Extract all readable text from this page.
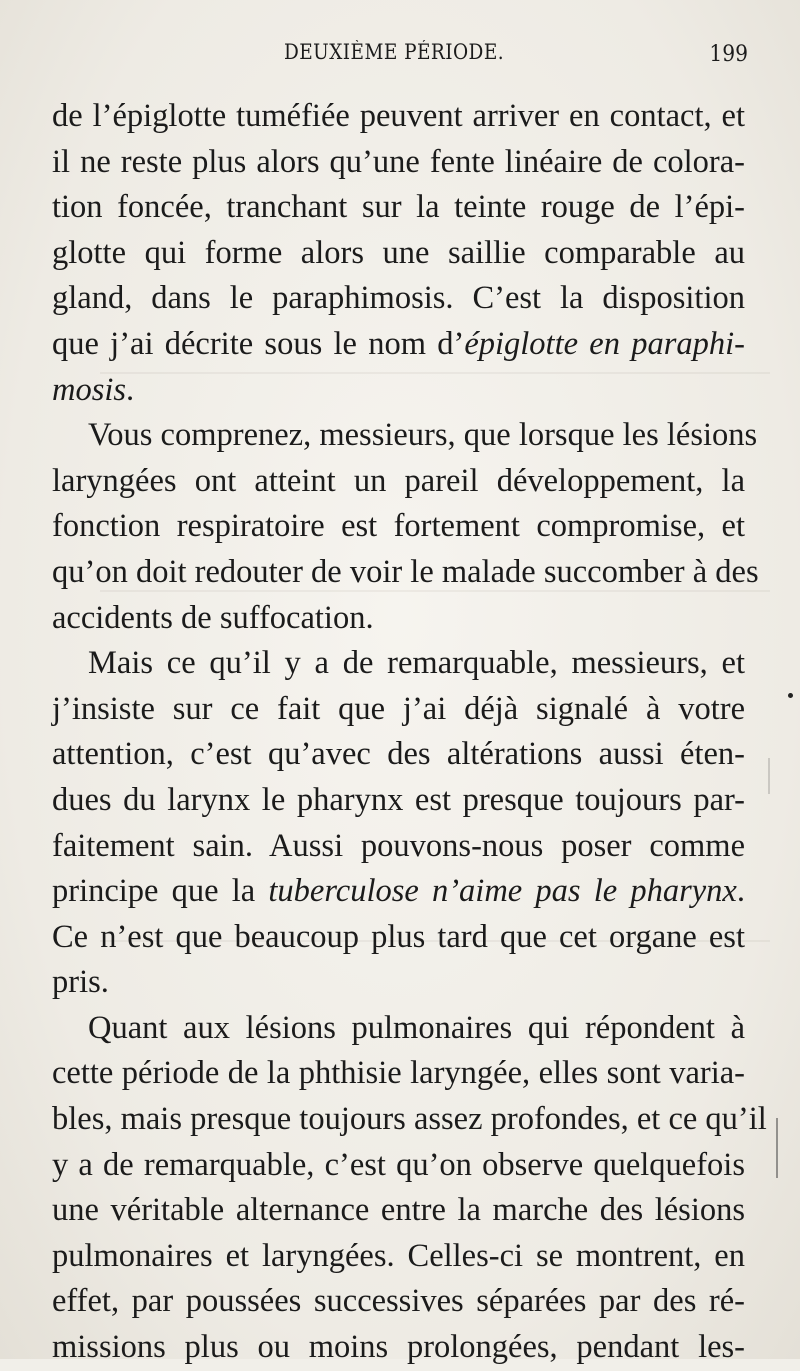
DEUXIÈME PÉRIODE.	199
de l’épiglotte tuméfiée peuvent arriver en contact, et
il ne reste plus alors qu’une fente linéaire de colora-
tion foncée, tranchant sur la teinte rouge de l’épi-
glotte qui forme alors une saillie comparable au
gland, dans le paraphimosis. C’est la disposition
que j’ai décrite sous le nom d’épiglotte en paraphi-
mosis.
Vous comprenez, messieurs, que lorsque les lésions
laryngées ont atteint un pareil développement, la
fonction respiratoire est fortement compromise, et
qu’on doit redouter de voir le malade succomber à des
accidents de suffocation.
Mais ce qu’il y a de remarquable, messieurs, et
j’insiste sur ce fait que j’ai déjà signalé à votre
attention, c’est qu’avec des altérations aussi éten-
dues du larynx le pharynx est presque toujours par-
faitement sain. Aussi pouvons-nous poser comme
principe que la tuberculose n’aime pas le pharynx.
Ce n’est que beaucoup plus tard que cet organe est
pris.
Quant aux lésions pulmonaires qui répondent à
cette période de la phthisie laryngée, elles sont varia-
bles, mais presque toujours assez profondes, et ce qu’il
y a de remarquable, c’est qu’on observe quelquefois
une véritable alternance entre la marche des lésions
pulmonaires et laryngées. Celles-ci se montrent, en
effet, par poussées successives séparées par des ré-
missions plus ou moins prolongées, pendant les-
